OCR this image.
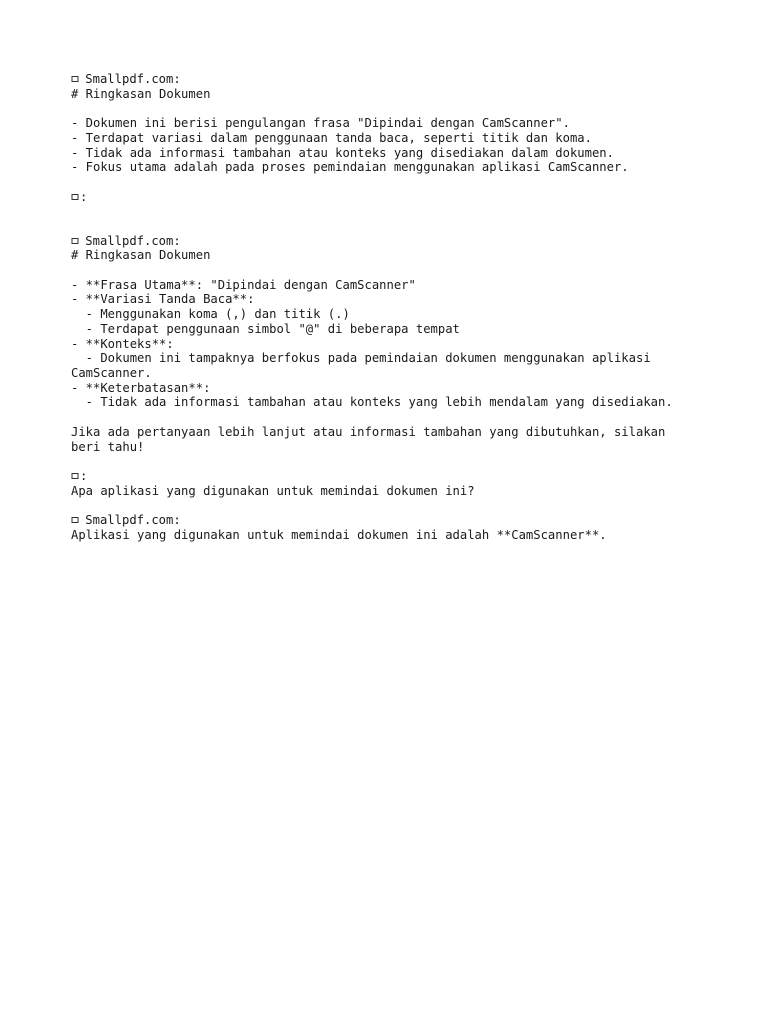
Smallpdf.com:
# Ringkasan Dokumen
- Dokumen ini berisi pengulangan frasa "Dipindai dengan CamScanner".
- Terdapat variasi dalam penggunaan tanda baca, seperti titik dan koma.
- Tidak ada informasi tambahan atau konteks yang disediakan dalam dokumen.
- Fokus utama adalah pada proses pemindaian menggunakan aplikasi CamScanner.
:
Smallpdf.com:
# Ringkasan Dokumen
- **Frasa Utama**: "Dipindai dengan CamScanner"
- **Variasi Tanda Baca**:
- Menggunakan koma (,) dan titik (.)
- Terdapat penggunaan simbol "@" di beberapa tempat
- **Konteks**:
- Dokumen ini tampaknya berfokus pada pemindaian dokumen menggunakan aplikasi
CamScanner.
- **Keterbatasan**:
- Tidak ada informasi tambahan atau konteks yang lebih mendalam yang disediakan.
Jika ada pertanyaan lebih lanjut atau informasi tambahan yang dibutuhkan, silakan
beri tahu!
:
Apa aplikasi yang digunakan untuk memindai dokumen ini?
Smallpdf.com:
Aplikasi yang digunakan untuk memindai dokumen ini adalah **CamScanner**.
